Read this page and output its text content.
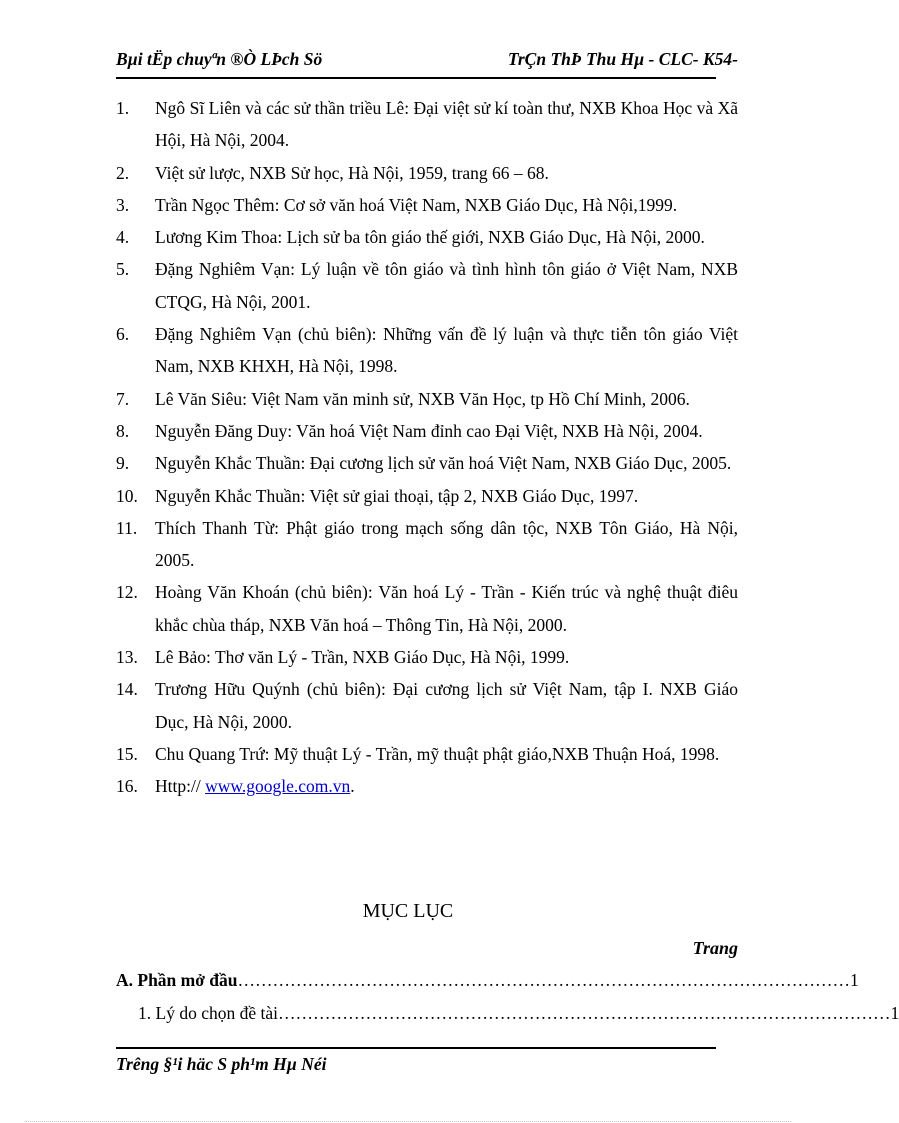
Bµi tËp chuyªn ®Ò LÞch Sö	TrÇn ThÞ Thu Hµ - CLC- K54-
1. Ngô Sĩ Liên và các sử thần triều Lê: Đại việt sử kí toàn thư, NXB Khoa Học và Xã Hội, Hà Nội, 2004.
2. Việt sử lược, NXB Sử học, Hà Nội, 1959, trang 66 – 68.
3. Trần Ngọc Thêm: Cơ sở văn hoá Việt Nam, NXB Giáo Dục, Hà Nội,1999.
4. Lương Kim Thoa: Lịch sử ba tôn giáo thế giới, NXB Giáo Dục, Hà Nội, 2000.
5. Đặng Nghiêm Vạn: Lý luận về tôn giáo và tình hình tôn giáo ở Việt Nam, NXB CTQG, Hà Nội, 2001.
6. Đặng Nghiêm Vạn (chủ biên): Những vấn đề lý luận và thực tiễn tôn giáo Việt Nam, NXB KHXH, Hà Nội, 1998.
7. Lê Văn Siêu: Việt Nam văn minh sử, NXB Văn Học, tp Hồ Chí Minh, 2006.
8. Nguyễn Đăng Duy: Văn hoá Việt Nam đỉnh cao Đại Việt, NXB Hà Nội, 2004.
9. Nguyễn Khắc Thuần: Đại cương lịch sử văn hoá Việt Nam, NXB Giáo Dục, 2005.
10. Nguyễn Khắc Thuần: Việt sử giai thoại, tập 2, NXB Giáo Dục, 1997.
11. Thích Thanh Từ: Phật giáo trong mạch sống dân tộc, NXB Tôn Giáo, Hà Nội, 2005.
12. Hoàng Văn Khoán (chủ biên): Văn hoá Lý - Trần - Kiến trúc và nghệ thuật điêu khắc chùa tháp, NXB Văn hoá – Thông Tin, Hà Nội, 2000.
13. Lê Bảo: Thơ văn Lý - Trần, NXB Giáo Dục, Hà Nội, 1999.
14. Trương Hữu Quýnh (chủ biên): Đại cương lịch sử Việt Nam, tập I. NXB Giáo Dục, Hà Nội, 2000.
15. Chu Quang Trứ: Mỹ thuật Lý - Trần, mỹ thuật phật giáo,NXB Thuận Hoá, 1998.
16. Http:// www.google.com.vn.
MỤC LỤC
Trang
A. Phần mở đầu …………………………………………………………………………………………… 1
1. Lý do chọn đề tài …………………………………………………………………………………………… 1
Trêng §¹i häc S ph¹m Hµ Néi
